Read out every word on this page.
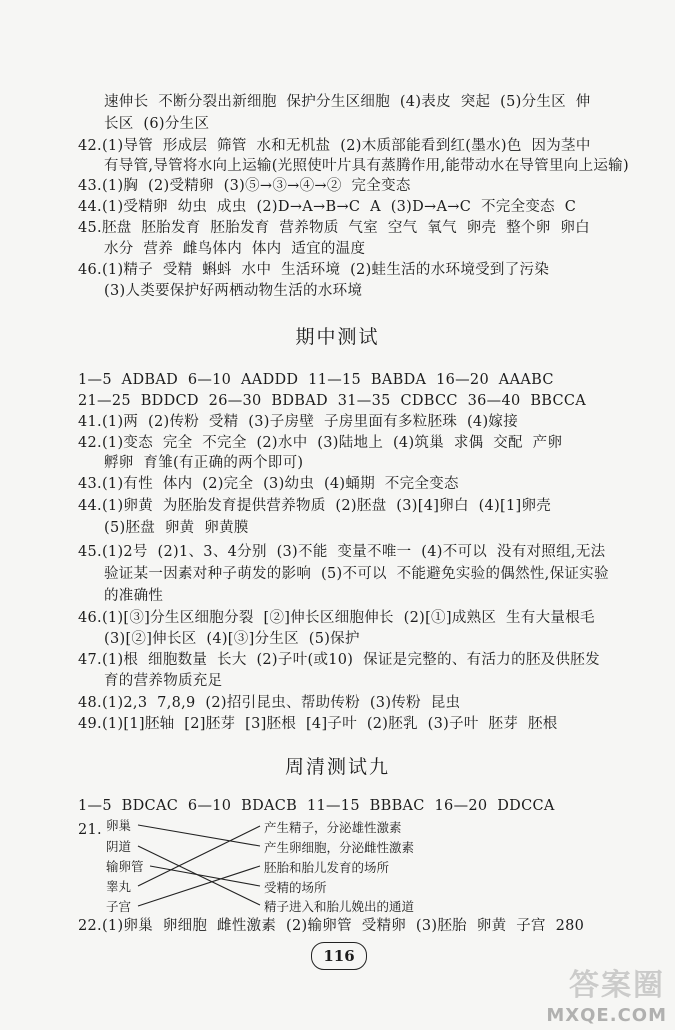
速伸长  不断分裂出新细胞  保护分生区细胞  (4)表皮  突起  (5)分生区  伸
长区  (6)分生区
42.(1)导管  形成层  筛管  水和无机盐  (2)木质部能看到红(墨水)色  因为茎中
有导管,导管将水向上运输(光照使叶片具有蒸腾作用,能带动水在导管里向上运输)
43.(1)胸  (2)受精卵  (3)⑤→③→④→②  完全变态
44.(1)受精卵  幼虫  成虫  (2)D→A→B→C  A  (3)D→A→C  不完全变态  C
45.胚盘  胚胎发育  胚胎发育  营养物质  气室  空气  氧气  卵壳  整个卵  卵白
水分  营养  雌鸟体内  体内  适宜的温度
46.(1)精子  受精  蝌蚪  水中  生活环境  (2)蛙生活的水环境受到了污染
(3)人类要保护好两栖动物生活的水环境
期中测试
1—5  ADBAD  6—10  AADDD  11—15  BABDA  16—20  AAABC
21—25  BDDCD  26—30  BDBAD  31—35  CDBCC  36—40  BBCCA
41.(1)两  (2)传粉  受精  (3)子房壁  子房里面有多粒胚珠  (4)嫁接
42.(1)变态  完全  不完全  (2)水中  (3)陆地上  (4)筑巢  求偶  交配  产卵
孵卵  育雏(有正确的两个即可)
43.(1)有性  体内  (2)完全  (3)幼虫  (4)蛹期  不完全变态
44.(1)卵黄  为胚胎发育提供营养物质  (2)胚盘  (3)[4]卵白  (4)[1]卵壳
(5)胚盘  卵黄  卵黄膜
45.(1)2号  (2)1、3、4分别  (3)不能  变量不唯一  (4)不可以  没有对照组,无法
验证某一因素对种子萌发的影响  (5)不可以  不能避免实验的偶然性,保证实验
的准确性
46.(1)[③]分生区细胞分裂  [②]伸长区细胞伸长  (2)[①]成熟区  生有大量根毛
(3)[②]伸长区  (4)[③]分生区  (5)保护
47.(1)根  细胞数量  长大  (2)子叶(或10)  保证是完整的、有活力的胚及供胚发
育的营养物质充足
48.(1)2,3  7,8,9  (2)招引昆虫、帮助传粉  (3)传粉  昆虫
49.(1)[1]胚轴  [2]胚芽  [3]胚根  [4]子叶  (2)胚乳  (3)子叶  胚芽  胚根
周清测试九
1—5  BDCAC  6—10  BDACB  11—15  BBBAC  16—20  DDCCA
21. 卵巢
阴道
输卵管
睾丸
子宫
产生精子，分泌雄性激素
产生卵细胞，分泌雌性激素
胚胎和胎儿发育的场所
受精的场所
精子进入和胎儿娩出的通道
22.(1)卵巢  卵细胞  雌性激素  (2)输卵管  受精卵  (3)胚胎  卵黄  子宫  280
116
答案圈
MXQE.COM
